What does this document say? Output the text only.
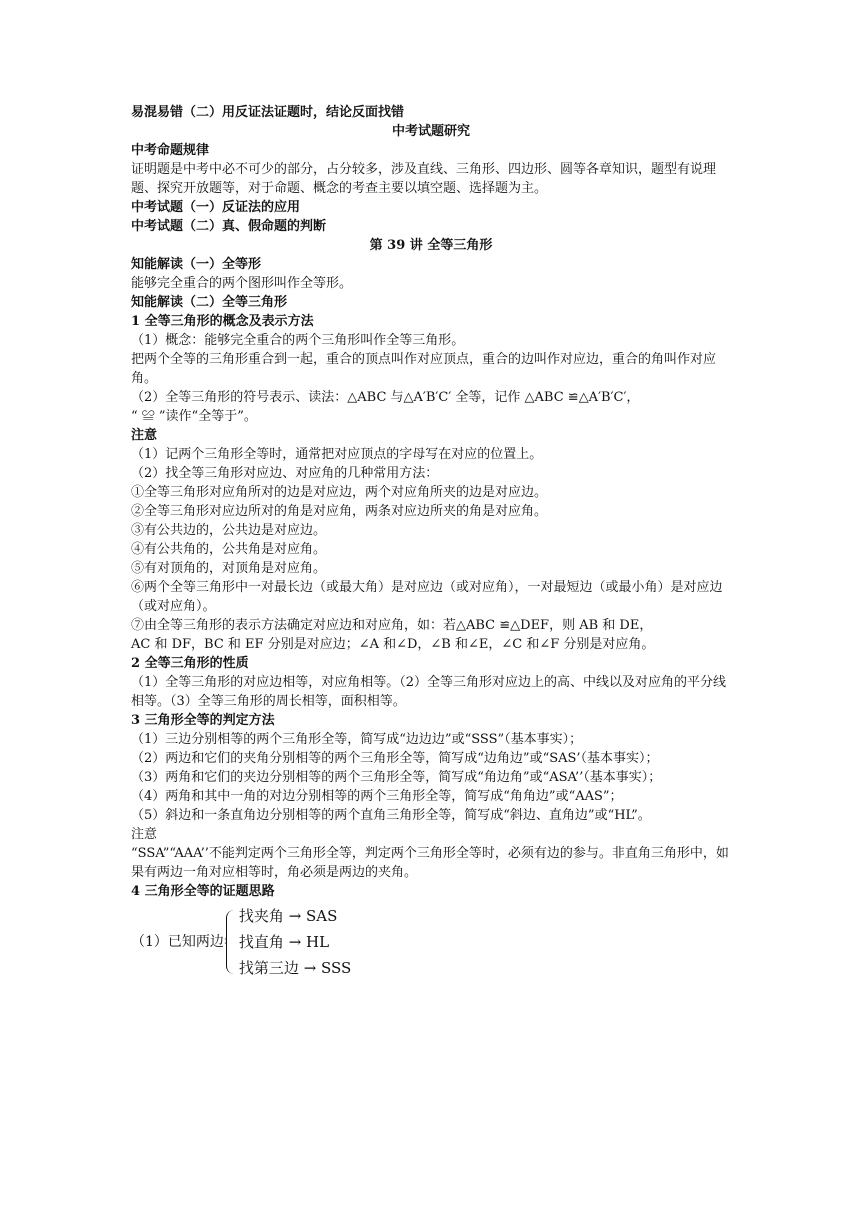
易混易错（二）用反证法证题时，结论反面找错
中考试题研究
中考命题规律
证明题是中考中必不可少的部分，占分较多，涉及直线、三角形、四边形、圆等各章知识，题型有说理题、探究开放题等，对于命题、概念的考查主要以填空题、选择题为主。
中考试题（一）反证法的应用
中考试题（二）真、假命题的判断
第 39 讲 全等三角形
知能解读（一）全等形
能够完全重合的两个图形叫作全等形。
知能解读（二）全等三角形
1 全等三角形的概念及表示方法
（1）概念：能够完全重合的两个三角形叫作全等三角形。
把两个全等的三角形重合到一起，重合的顶点叫作对应顶点，重合的边叫作对应边，重合的角叫作对应角。
（2）全等三角形的符号表示、读法：△ABC 与△A′B′C′ 全等，记作 △ABC ≌△A′B′C′，
“ ≌ ”读作“全等于”。
注意
（1）记两个三角形全等时，通常把对应顶点的字母写在对应的位置上。
（2）找全等三角形对应边、对应角的几种常用方法：
①全等三角形对应角所对的边是对应边，两个对应角所夹的边是对应边。
②全等三角形对应边所对的角是对应角，两条对应边所夹的角是对应角。
③有公共边的，公共边是对应边。
④有公共角的，公共角是对应角。
⑤有对顶角的，对顶角是对应角。
⑥两个全等三角形中一对最长边（或最大角）是对应边（或对应角），一对最短边（或最小角）是对应边（或对应角）。
⑦由全等三角形的表示方法确定对应边和对应角，如：若△ABC ≌△DEF，则 AB 和 DE，
AC 和 DF，BC 和 EF 分别是对应边；∠A 和∠D，∠B 和∠E，∠C 和∠F 分别是对应角。
2 全等三角形的性质
（1）全等三角形的对应边相等，对应角相等。（2）全等三角形对应边上的高、中线以及对应角的平分线相等。（3）全等三角形的周长相等，面积相等。
3 三角形全等的判定方法
（1）三边分别相等的两个三角形全等，简写成“边边边”或“SSS”（基本事实）；
（2）两边和它们的夹角分别相等的两个三角形全等，简写成“边角边”或“SAS’（基本事实）；
（3）两角和它们的夹边分别相等的两个三角形全等，简写成“角边角”或“ASA’’（基本事实）；
（4）两角和其中一角的对边分别相等的两个三角形全等，简写成“角角边”或“AAS”；
（5）斜边和一条直角边分别相等的两个直角三角形全等，简写成“斜边、直角边”或“HL”。
注意
“SSA”“AAA’’不能判定两个三角形全等，判定两个三角形全等时，必须有边的参与。非直角三角形中，如果有两边一角对应相等时，角必须是两边的夹角。
4 三角形全等的证题思路
（1）已知两边
找夹角 → SAS
找直角 → HL
找第三边 → SSS
